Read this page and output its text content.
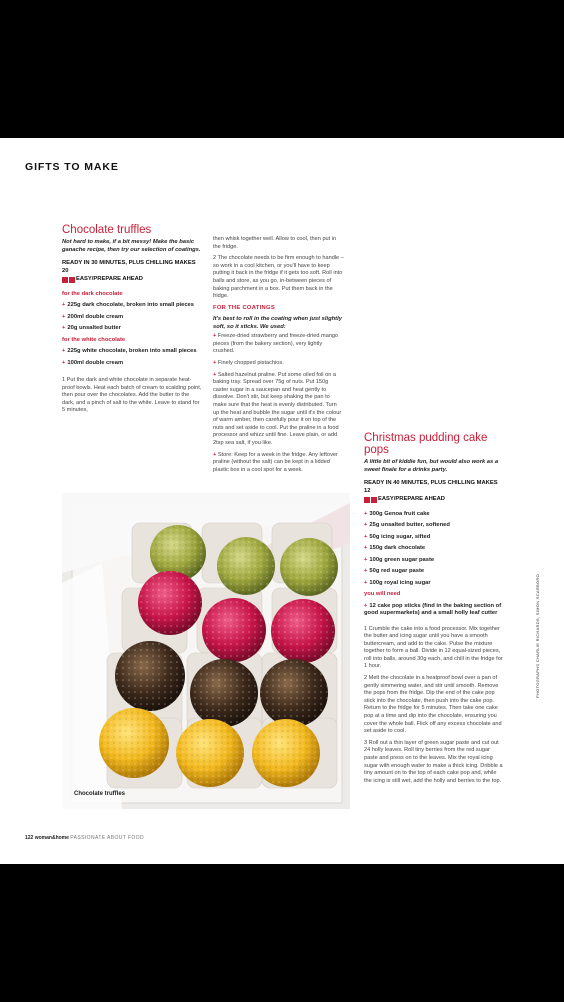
GIFTS TO MAKE
Chocolate truffles

Not hard to make, if a bit messy! Make the basic ganache recipe, then try our selection of coatings.

READY IN 30 MINUTES, PLUS CHILLING MAKES 20

EASY/PREPARE AHEAD

for the dark chocolate

+ 225g dark chocolate, broken into small pieces

+ 200ml double cream

+ 20g unsalted butter

for the white chocolate

+ 225g white chocolate, broken into small pieces

+ 100ml double cream

1 Put the dark and white chocolate in separate heat-proof bowls. Heat each batch of cream to scalding point, then pour over the chocolates. Add the butter to the dark, and a pinch of salt to the white. Leave to stand for 5 minutes,

then whisk together well. Allow to cool, then put in the fridge.

2 The chocolate needs to be firm enough to handle – so work in a cool kitchen, or you'll have to keep putting it back in the fridge if it gets too soft. Roll into balls and store, as you go, in-between pieces of baking parchment in a box. Put them back in the fridge.

FOR THE COATINGS

It's best to roll in the coating when just slightly soft, so it sticks. We used:

+ Freeze-dried strawberry and freeze-dried mango pieces (from the bakery section), very lightly crushed.

+ Finely chopped pistachios.

+ Salted hazelnut praline. Put some oiled foil on a baking tray. Spread over 75g of nuts. Put 150g caster sugar in a saucepan and heat gently to dissolve. Don't stir, but keep shaking the pan to make sure that the heat is evenly distributed. Turn up the heat and bubble the sugar until it's the colour of warm amber, then carefully pour it on top of the nuts and set aside to cool. Put the praline in a food processor and whizz until fine. Leave plain, or add 2tsp sea salt, if you like.

+ Store: Keep for a week in the fridge. Any leftover praline (without the salt) can be kept in a lidded plastic box in a cool spot for a week.

Christmas pudding cake pops

A little bit of kiddie fun, but would also work as a sweet finale for a drinks party.

READY IN 40 MINUTES, PLUS CHILLING MAKES 12

EASY/PREPARE AHEAD

+ 300g Genoa fruit cake

+ 25g unsalted butter, softened

+ 50g icing sugar, sifted

+ 150g dark chocolate

+ 100g green sugar paste

+ 50g red sugar paste

+ 100g royal icing sugar

you will need

+ 12 cake pop sticks (find in the baking section of good supermarkets) and a small holly leaf cutter

1 Crumble the cake into a food processor. Mix together the butter and icing sugar until you have a smooth buttercream, and add to the cake. Pulse the mixture together to form a ball. Divide in 12 equal-sized pieces, roll into balls, around 30g each, and chill in the fridge for 1 hour.

2 Melt the chocolate in a heatproof bowl over a pan of gently simmering water, and stir until smooth. Remove the pops from the fridge. Dip the end of the cake pop stick into the chocolate, then push into the cake pop. Return to the fridge for 5 minutes. Then take one cake pop at a time and dip into the chocolate, ensuring you cover the whole ball. Flick off any excess chocolate and set aside to cool.

3 Roll out a thin layer of green sugar paste and cut out 24 holly leaves. Roll tiny berries from the red sugar paste and press on to the leaves. Mix the royal icing sugar with enough water to make a thick icing. Dribble a tiny amount on to the top of each cake pop and, while the icing is still wet, add the holly and berries to the top.

Chocolate truffles
PHOTOGRAPHS CHARLIE RICHARDS, SIMON SCARBORO
122 woman&home PASSIONATE ABOUT FOOD
